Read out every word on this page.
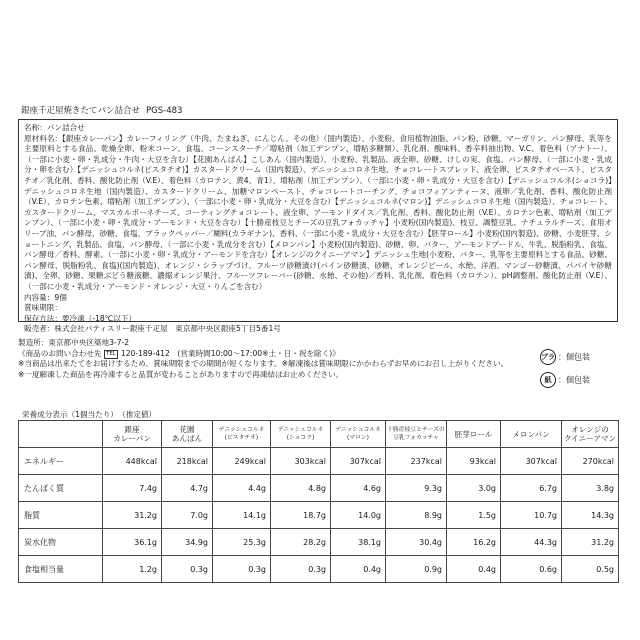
銀座千疋屋焼きたてパン詰合せ PGS-483
名称：パン詰合せ
原材料名：【銀座カレーパン】カレーフィリング（牛肉、たまねぎ、にんじん、その他）（国内製造）、小麦粉、食用植物油脂、パン粉、砂糖、マーガリン、パン酵母、乳等を主要原料とする食品、乾燥全卵、粉末コーン、食塩、コーンスターチ／増粘剤（加工デンプン、増粘多糖類）、乳化剤、酸味料、香辛料抽出物、V.C、着色料（アナトー）、（一部に小麦・卵・乳成分・牛肉・大豆を含む）【花園あんぱん】こしあん（国内製造）、小麦粉、乳製品、液全卵、砂糖、けしの実、食塩、パン酵母、（一部に小麦・乳成分・卵を含む）【デニッシュコルネ(ピスタチオ)】カスタードクリーム（国内製造）、デニッシュコロネ生地、チョコレートスプレッド、液全卵、ピスタチオペースト、ピスタチオ／乳化剤、香料、酸化防止剤（V.E）、着色料（カロテン、黄4、青1）、増粘剤（加工デンプン）、（一部に小麦・卵・乳成分・大豆を含む）【デニッシュコルネ(ショコラ)】デニッシュコロネ生地（国内製造）、カスタードクリーム、加糖マロンペースト、チョコレートコーチング、チョコフィアンティーヌ、液卵／乳化剤、香料、酸化防止剤（V.E）、カロテン色素、増粘剤（加工デンプン）、（一部に小麦・卵・乳成分・大豆を含む）【デニッシュコルネ(マロン)】デニッシュコロネ生地（国内製造）、チョコレート、カスタードクリーム、マスカルポーネチーズ、コーティングチョコレート、液全卵、アーモンドダイス／乳化剤、香料、酸化防止剤（V.E）、カロテン色素、増粘剤（加工デンプン）、（一部に小麦・卵・乳成分・アーモンド・大豆を含む）【十勝産枝豆とチーズの豆乳フォカッチャ】小麦粉(国内製造)、枝豆、調整豆乳、ナチュラルチーズ、食用オリーブ油、パン酵母、砂糖、食塩、ブラックペッパー／糊料(カラギナン)、香料、（一部に小麦・乳成分・大豆を含む）【胚芽ロール】小麦粉(国内製造)、砂糖、小麦胚芽、ショートニング、乳製品、食塩、パン酵母、（一部に小麦・乳成分を含む）【メロンパン】小麦粉(国内製造)、砂糖、卵、バター、アーモンドプードル、牛乳、脱脂粉乳、食塩、パン酵母／香料、酵素、（一部に小麦・卵・乳成分・アーモンドを含む）【オレンジのクイニーアマン】デニッシュ生地(小麦粉、バター、乳等を主要原料とする食品、砂糖、パン酵母、脱脂粉乳、食塩)(国内製造)、オレンジ・シラップづけ、フルーツ砂糖漬け(パイン砂糖漬、砂糖、オレンジピール、水飴、洋酒、マンゴー砂糖漬、パパイヤ砂糖漬)、全卵、砂糖、果糖ぶどう糖液糖、濃縮オレンジ果汁、フルーツフレーバー(砂糖、水飴、その他)／香料、乳化剤、着色料（カロテン）、pH調整剤、酸化防止剤（V.E）、（一部に小麦・乳成分・アーモンド・オレンジ・大豆・りんごを含む）
内容量：9個
賞味期限：
保存方法：要冷凍（-18℃以下）
販売者：株式会社パティスリー銀座千疋屋　東京都中央区銀座5丁目5番1号
製造所：東京都中央区築地3-7-2
《商品のお問い合わせ先 TEL 120-189-412　(営業時間10:00〜17:00※土・日・祝を除く)》
※当商品は出来たてをお届けするため、賞味期限までの期間が短くなります。※解凍後は賞味期限にかかわらずお早めにお召し上がりください。
※一度解凍した商品を再冷凍すると品質が変わることがありますので再凍結はお止めください。
プラ ：個包装
紙 ：個包装
栄養成分表示（1個当たり） （推定値）
	銀座
カレーパン	花園
あんぱん	デニッシュコルネ
(ピスタチオ)	デニッシュコルネ
(ショコラ)	デニッシュコルネ
(マロン)	十勝産枝豆とチーズの
豆乳フォカッチャ	胚芽ロール	メロンパン	オレンジの
クイニーアマン
エネルギー	448kcal	218kcal	249kcal	303kcal	307kcal	237kcal	93kcal	307kcal	270kcal
たんぱく質	7.4g	4.7g	4.4g	4.8g	4.6g	9.3g	3.0g	6.7g	3.8g
脂質	31.2g	7.0g	14.1g	18.7g	14.0g	8.9g	1.5g	10.7g	14.3g
炭水化物	36.1g	34.9g	25.3g	28.2g	38.1g	30.4g	16.2g	44.3g	31.2g
食塩相当量	1.2g	0.3g	0.3g	0.3g	0.4g	0.9g	0.4g	0.6g	0.5g
